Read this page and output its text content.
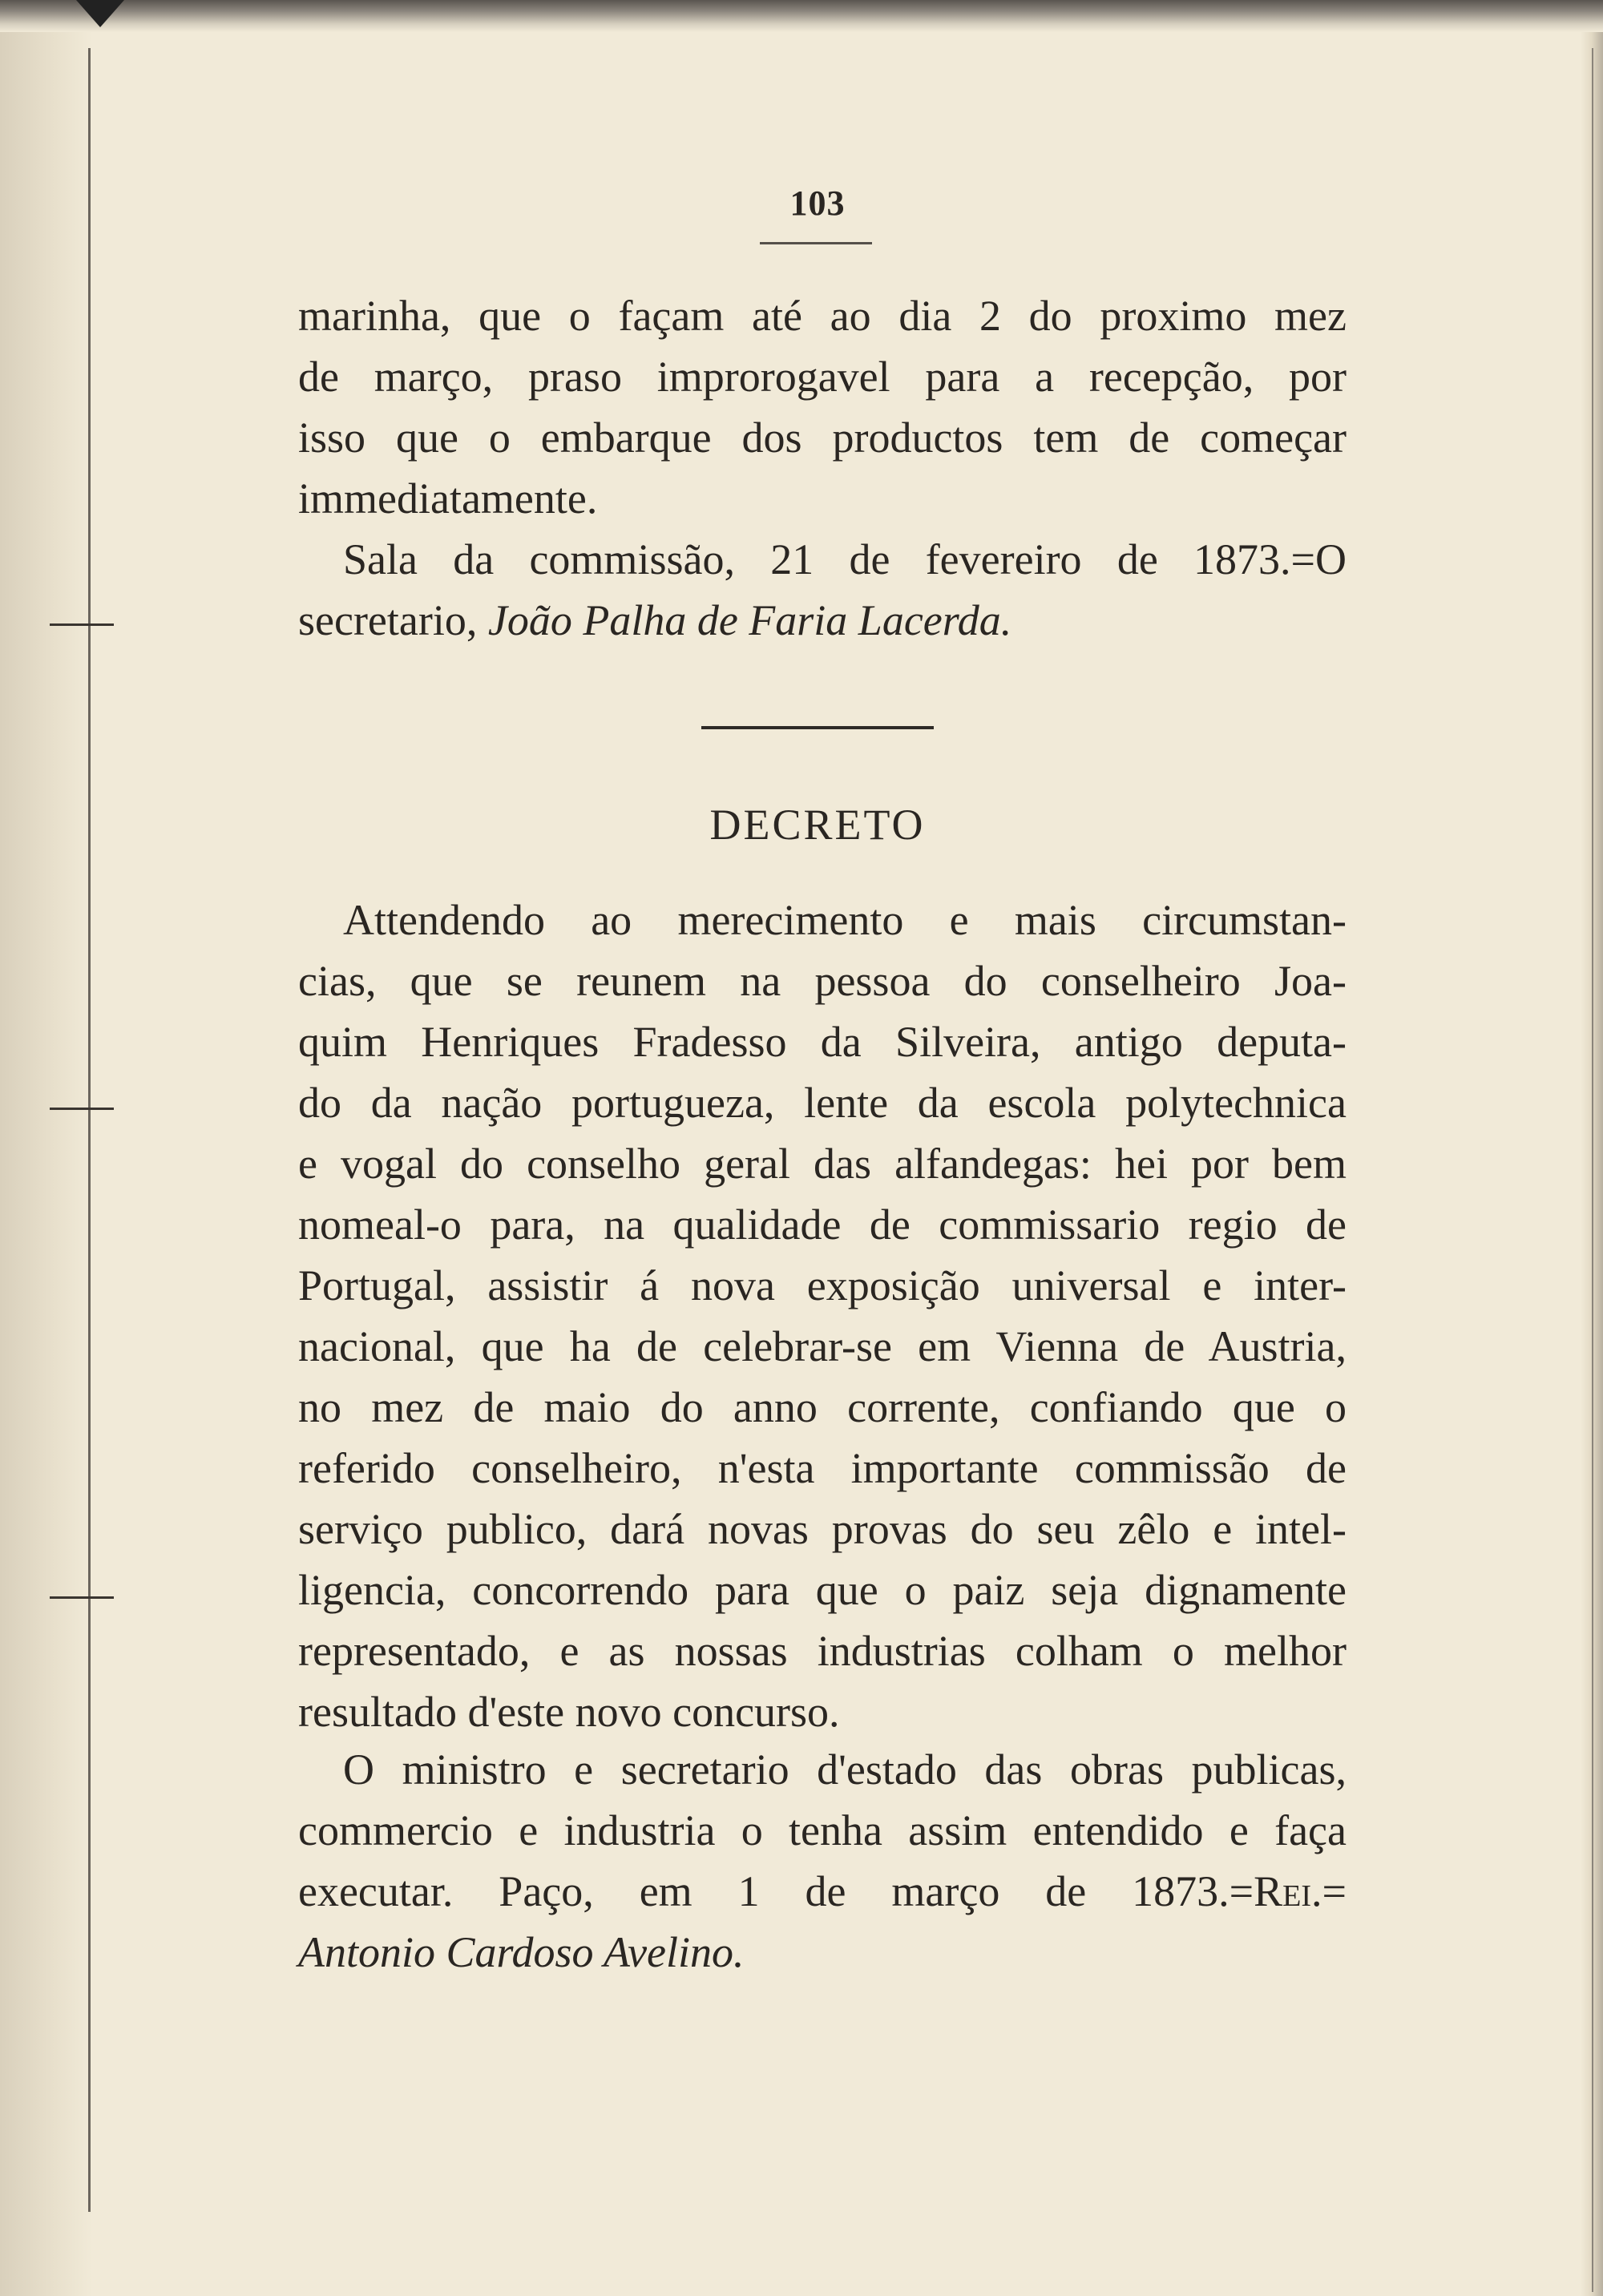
103
marinha, que o façam até ao dia 2 do proximo mez
de março, praso improrogavel para a recepção, por
isso que o embarque dos productos tem de começar
immediatamente.
Sala da commissão, 21 de fevereiro de 1873.=O
secretario, João Palha de Faria Lacerda.
DECRETO
Attendendo ao merecimento e mais circumstan-
cias, que se reunem na pessoa do conselheiro Joa-
quim Henriques Fradesso da Silveira, antigo deputa-
do da nação portugueza, lente da escola polytechnica
e vogal do conselho geral das alfandegas: hei por bem
nomeal-o para, na qualidade de commissario regio de
Portugal, assistir á nova exposição universal e inter-
nacional, que ha de celebrar-se em Vienna de Austria,
no mez de maio do anno corrente, confiando que o
referido conselheiro, n'esta importante commissão de
serviço publico, dará novas provas do seu zêlo e intel-
ligencia, concorrendo para que o paiz seja dignamente
representado, e as nossas industrias colham o melhor
resultado d'este novo concurso.
O ministro e secretario d'estado das obras publicas,
commercio e industria o tenha assim entendido e faça
executar. Paço, em 1 de março de 1873.=Rei.=
Antonio Cardoso Avelino.
